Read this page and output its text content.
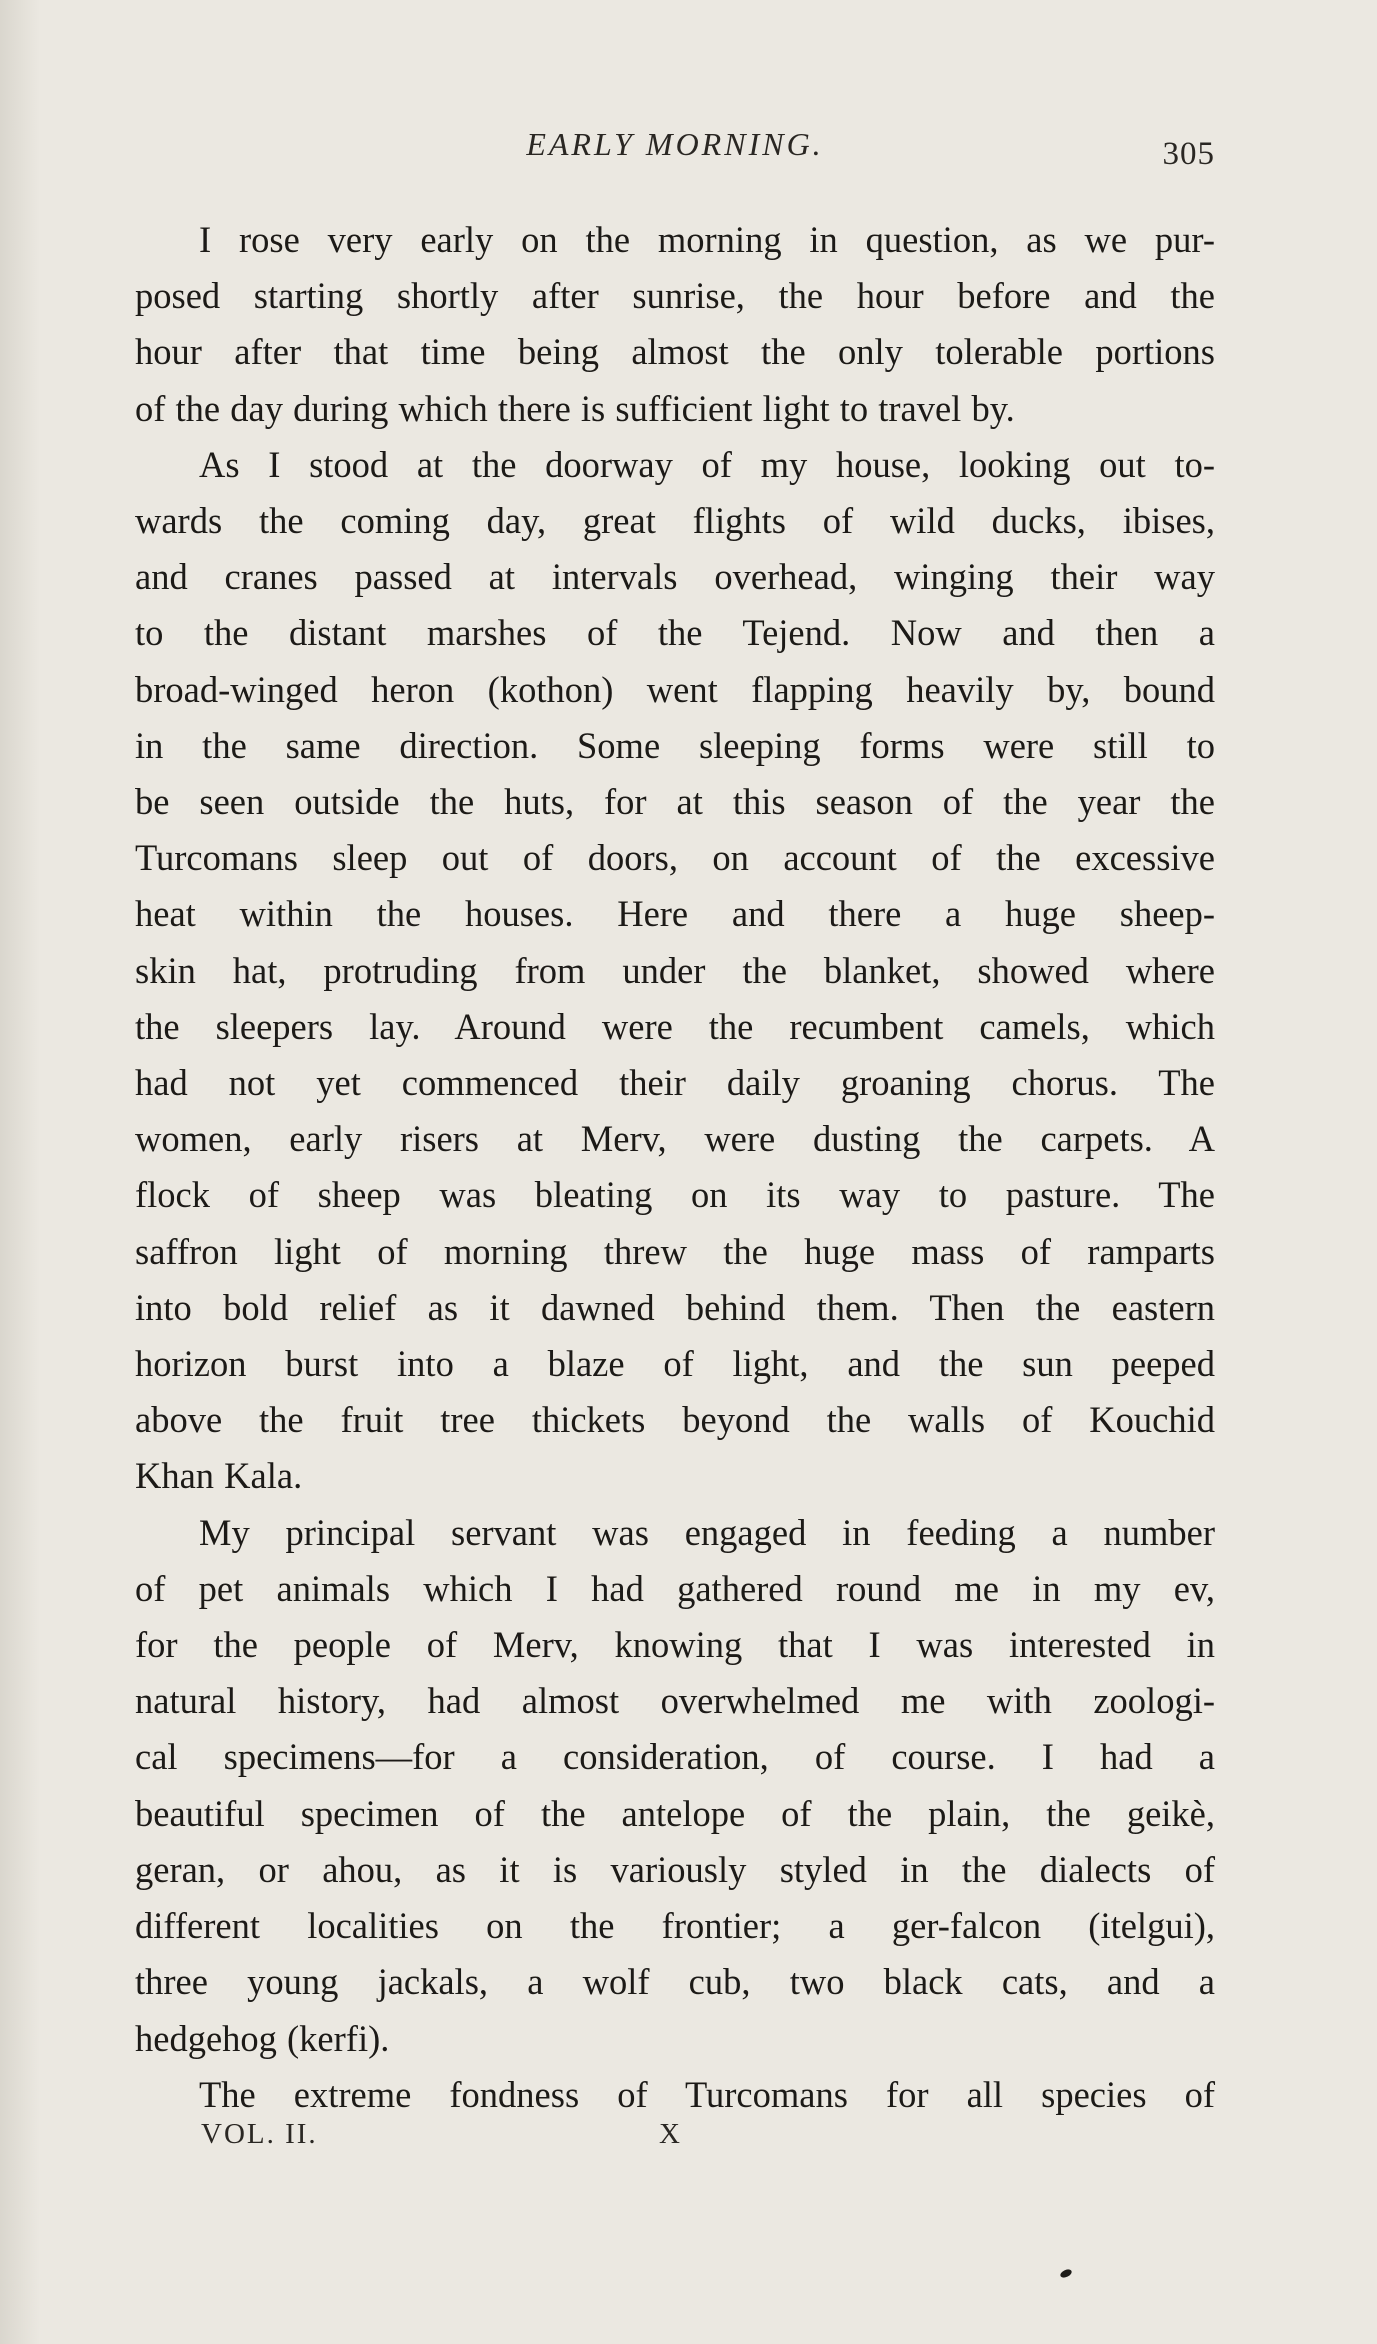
EARLY MORNING.	305

I rose very early on the morning in question, as we pur-
posed starting shortly after sunrise, the hour before and the
hour after that time being almost the only tolerable portions
of the day during which there is sufficient light to travel by.

As I stood at the doorway of my house, looking out to-
wards the coming day, great flights of wild ducks, ibises,
and cranes passed at intervals overhead, winging their way
to the distant marshes of the Tejend. Now and then a
broad-winged heron (kothon) went flapping heavily by, bound
in the same direction. Some sleeping forms were still to
be seen outside the huts, for at this season of the year the
Turcomans sleep out of doors, on account of the excessive
heat within the houses. Here and there a huge sheep-
skin hat, protruding from under the blanket, showed where
the sleepers lay. Around were the recumbent camels, which
had not yet commenced their daily groaning chorus. The
women, early risers at Merv, were dusting the carpets. A
flock of sheep was bleating on its way to pasture. The
saffron light of morning threw the huge mass of ramparts
into bold relief as it dawned behind them. Then the eastern
horizon burst into a blaze of light, and the sun peeped
above the fruit tree thickets beyond the walls of Kouchid
Khan Kala.

My principal servant was engaged in feeding a number
of pet animals which I had gathered round me in my ev,
for the people of Merv, knowing that I was interested in
natural history, had almost overwhelmed me with zoologi-
cal specimens—for a consideration, of course. I had a
beautiful specimen of the antelope of the plain, the geikè,
geran, or ahou, as it is variously styled in the dialects of
different localities on the frontier; a ger-falcon (itelgui),
three young jackals, a wolf cub, two black cats, and a
hedgehog (kerfi).

The extreme fondness of Turcomans for all species of

VOL. II.	X
